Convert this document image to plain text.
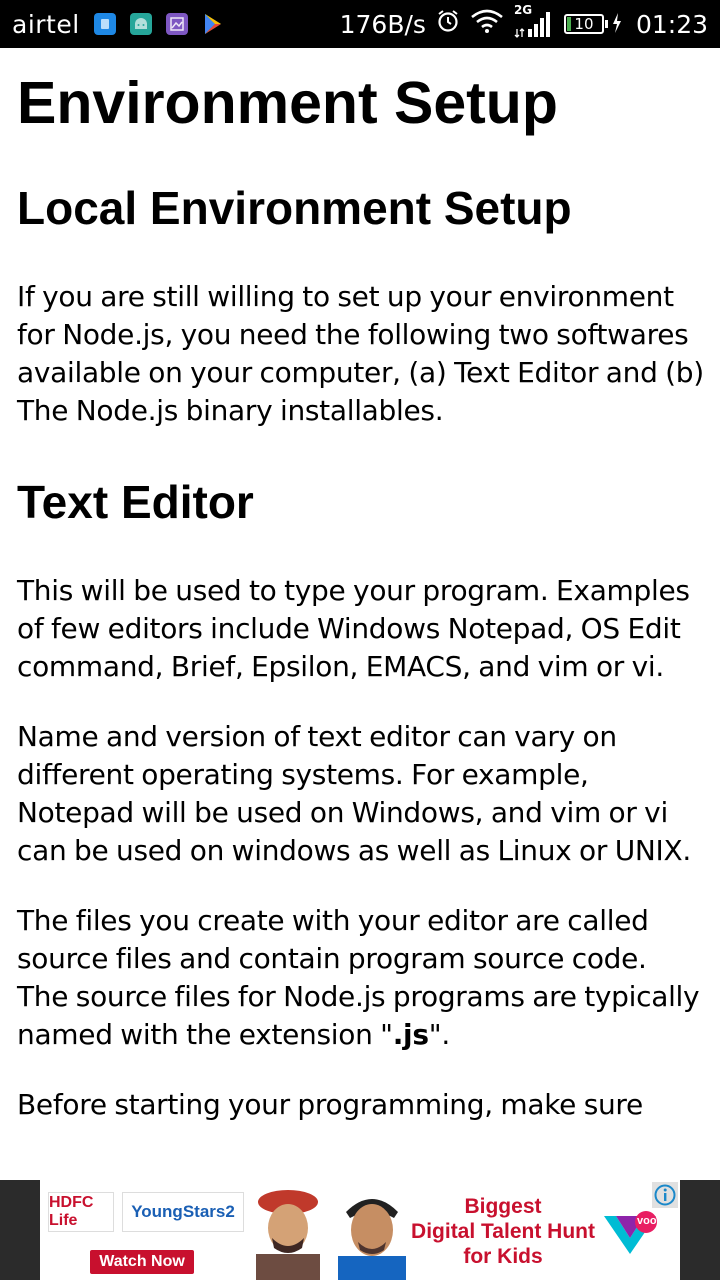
airtel	176B/s	2G
10 01:23
Environment Setup
Local Environment Setup

If you are still willing to set up your environment for Node.js, you need the following two softwares available on your computer, (a) Text Editor and (b) The Node.js binary installables.

Text Editor

This will be used to type your program. Examples of few editors include Windows Notepad, OS Edit command, Brief, Epsilon, EMACS, and vim or vi.

Name and version of text editor can vary on different operating systems. For example, Notepad will be used on Windows, and vim or vi can be used on windows as well as Linux or UNIX.

The files you create with your editor are called source files and contain program source code. The source files for Node.js programs are typically named with the extension ".js".

Before starting your programming, make sure

HDFC Life	YoungStars2
Watch Now
Biggest
Digital Talent Hunt
for Kids
voot
